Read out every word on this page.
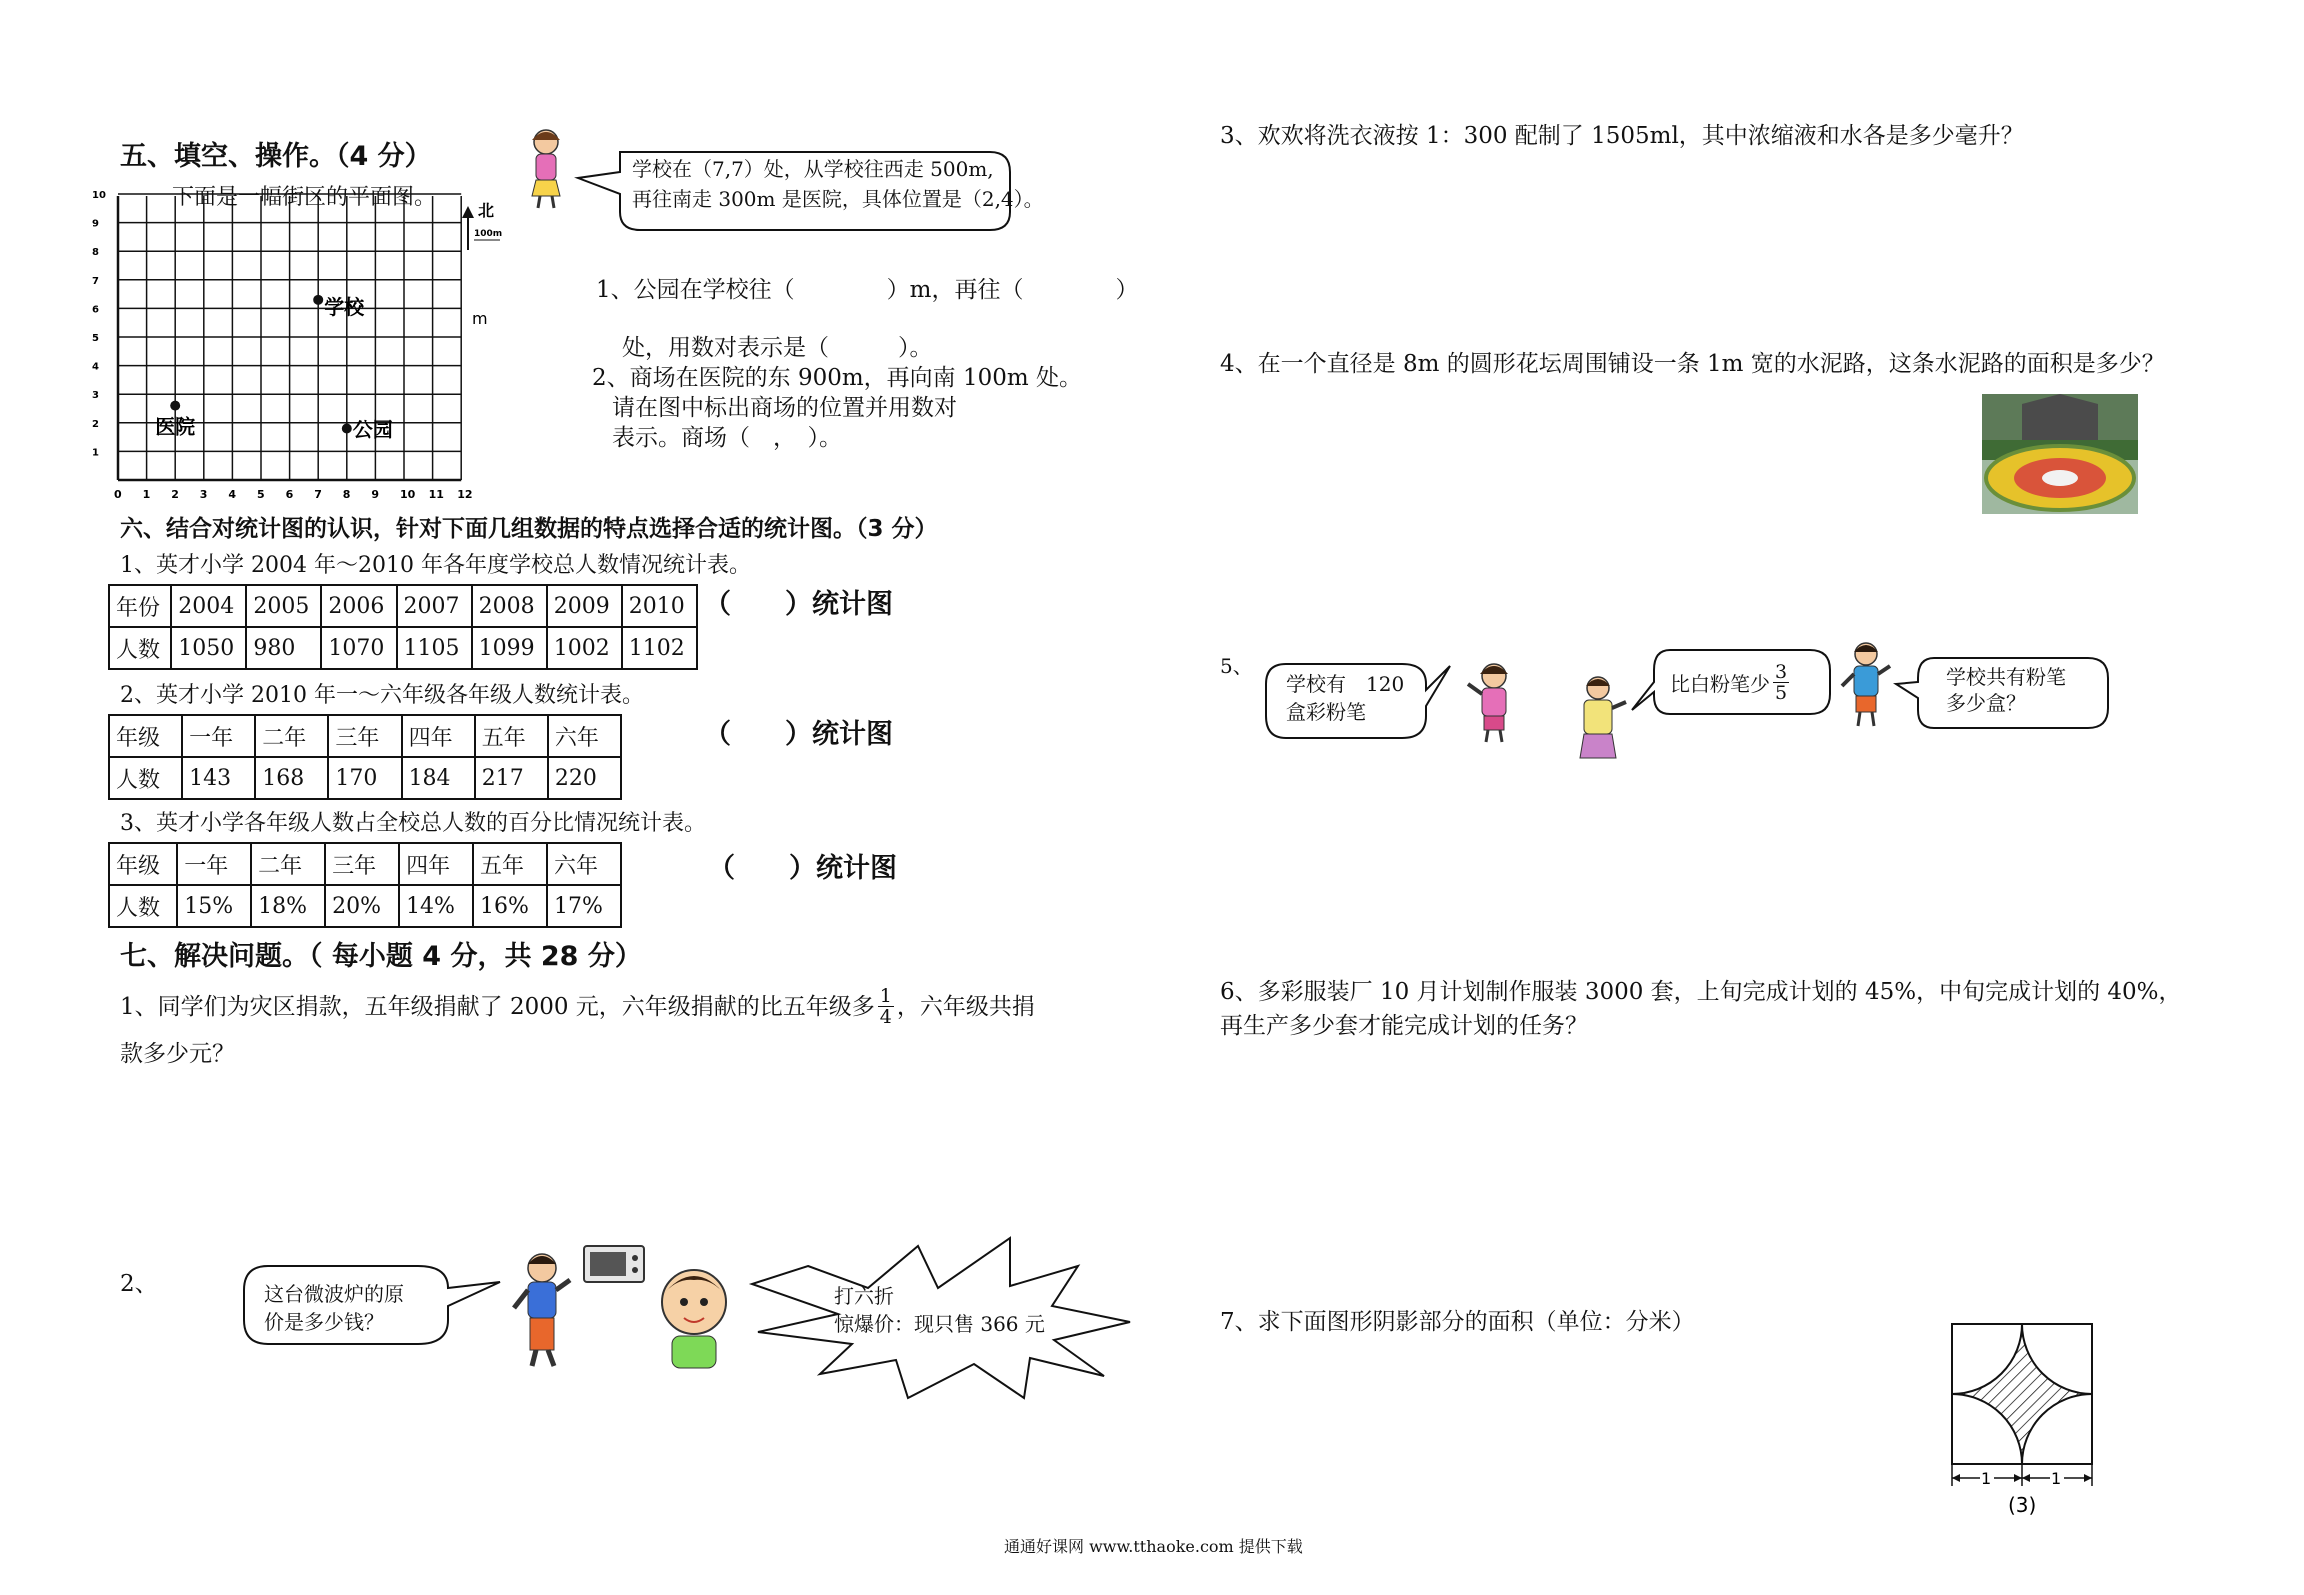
五、填空、操作。（4 分）	学校在（7,7）处，从学校往西走 500m,
再往南走 300m 是医院，具体位置是（2,4）。
下面是一幅街区的平面图。
0 1 2 3 4 5 6 7 8 9 10 11 12
1
2
3
4
5
6
7
8
9
10
北
100m
m
学校
医院	公园
1、公园在学校往（　　　　）m，再往（　　　　）
处，用数对表示是（　　　）。
2、商场在医院的东 900m，再向南 100m 处。
请在图中标出商场的位置并用数对
表示。商场（　，　）。
六、结合对统计图的认识，针对下面几组数据的特点选择合适的统计图。（3 分）
1、英才小学 2004 年～2010 年各年度学校总人数情况统计表。
年份	2004	2005	2006	2007	2008	2009	2010
人数	1050	980	1070	1105	1099	1002	1102
（　　）统计图
2、英才小学 2010 年一～六年级各年级人数统计表。
年级	一年	二年	三年	四年	五年	六年
人数	143	168	170	184	217	220
（　　）统计图
3、英才小学各年级人数占全校总人数的百分比情况统计表。
年级	一年	二年	三年	四年	五年	六年
人数	15%	18%	20%	14%	16%	17%
（　　）统计图
七、解决问题。（ 每小题 4 分，共 28 分）
1、同学们为灾区捐款，五年级捐献了 2000 元，六年级捐献的比五年级多 $\frac{1}{4}$ ，六年级共捐
款多少元？
2、	这台微波炉的原
价是多少钱？
打六折
惊爆价：现只售 366 元
3、欢欢将洗衣液按 1：300 配制了 1505ml，其中浓缩液和水各是多少毫升？
4、在一个直径是 8m 的圆形花坛周围铺设一条 1m 宽的水泥路，这条水泥路的面积是多少？
5、
学校有　120
盒彩粉笔
比白粉笔少 $\frac{3}{5}$	学校共有粉笔
多少盒？
6、多彩服装厂 10 月计划制作服装 3000 套，上旬完成计划的 45%，中旬完成计划的 40%，
再生产多少套才能完成计划的任务？
7、求下面图形阴影部分的面积（单位：分米）
1	1
(3)
通通好课网 www.tthaoke.com 提供下载
